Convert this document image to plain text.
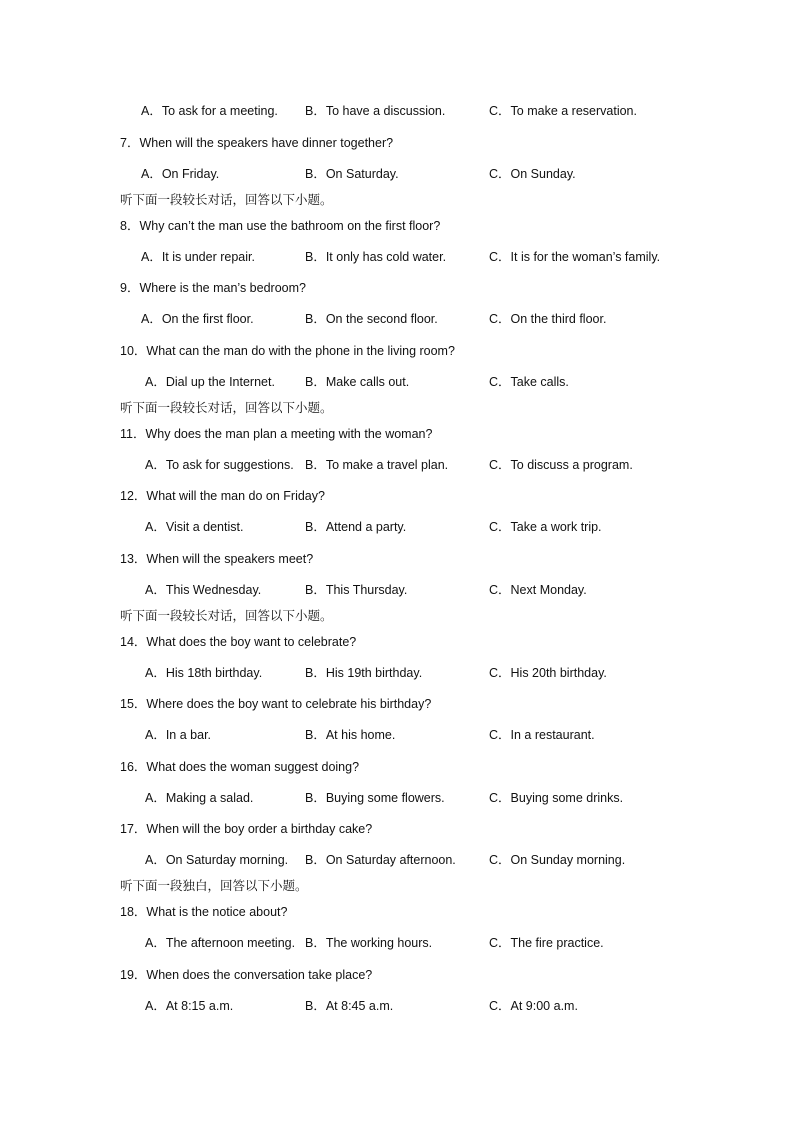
A．To ask for a meeting. B．To have a discussion.	C．To make a reservation.
7．When will the speakers have dinner together?
A．On Friday.	B．On Saturday.	C．On Sunday.
听下面一段较长对话，回答以下小题。
8．Why can’t the man use the bathroom on the first floor?
A．It is under repair.	B．It only has cold water.	C．It is for the woman’s family.
9．Where is the man’s bedroom?
A．On the first floor.	B．On the second floor.	C．On the third floor.
10．What can the man do with the phone in the living room?
A．Dial up the Internet. B．Make calls out.	C．Take calls.
听下面一段较长对话，回答以下小题。
11．Why does the man plan a meeting with the woman?
A．To ask for suggestions. B．To make a travel plan.	C．To discuss a program.
12．What will the man do on Friday?
A．Visit a dentist.	B．Attend a party.	C．Take a work trip.
13．When will the speakers meet?
A．This Wednesday.	B．This Thursday.	C．Next Monday.
听下面一段较长对话，回答以下小题。
14．What does the boy want to celebrate?
A．His 18th birthday.	B．His 19th birthday.	C．His 20th birthday.
15．Where does the boy want to celebrate his birthday?
A．In a bar.	B．At his home.	C．In a restaurant.
16．What does the woman suggest doing?
A．Making a salad.	B．Buying some flowers.	C．Buying some drinks.
17．When will the boy order a birthday cake?
A．On Saturday morning. B．On Saturday afternoon.	C．On Sunday morning.
听下面一段独白，回答以下小题。
18．What is the notice about?
A．The afternoon meeting. B．The working hours.	C．The fire practice.
19．When does the conversation take place?
A．At 8:15 a.m.	B．At 8:45 a.m.	C．At 9:00 a.m.
